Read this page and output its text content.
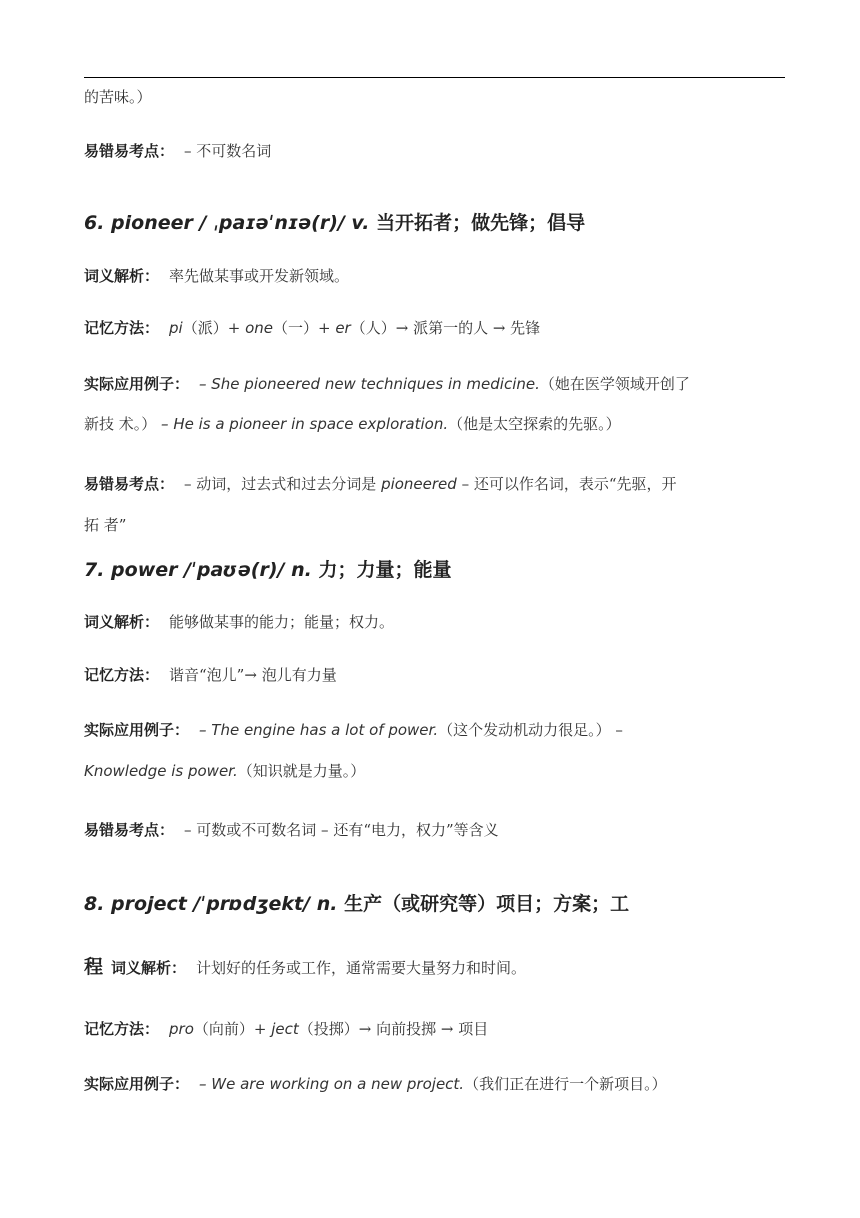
的苦味。）
易错易考点： – 不可数名词
6. pioneer / ˌpaɪəˈnɪə(r)/ v. 当开拓者；做先锋；倡导
词义解析： 率先做某事或开发新领域。
记忆方法： pi（派）+ one（一）+ er（人）→ 派第一的人 → 先锋
实际应用例子： – She pioneered new techniques in medicine.（她在医学领域开创了
新技 术。） – He is a pioneer in space exploration.（他是太空探索的先驱。）
易错易考点： – 动词，过去式和过去分词是 pioneered – 还可以作名词，表示“先驱，开
拓 者”
7. power /ˈpaʊə(r)/ n. 力；力量；能量
词义解析： 能够做某事的能力；能量；权力。
记忆方法： 谐音“泡儿”→ 泡儿有力量
实际应用例子： – The engine has a lot of power.（这个发动机动力很足。） –
Knowledge is power.（知识就是力量。）
易错易考点： – 可数或不可数名词 – 还有“电力，权力”等含义
8. project /ˈprɒdʒekt/ n. 生产（或研究等）项目；方案；工
程 词义解析： 计划好的任务或工作，通常需要大量努力和时间。
记忆方法： pro（向前）+ ject（投掷）→ 向前投掷 → 项目
实际应用例子： – We are working on a new project.（我们正在进行一个新项目。）
